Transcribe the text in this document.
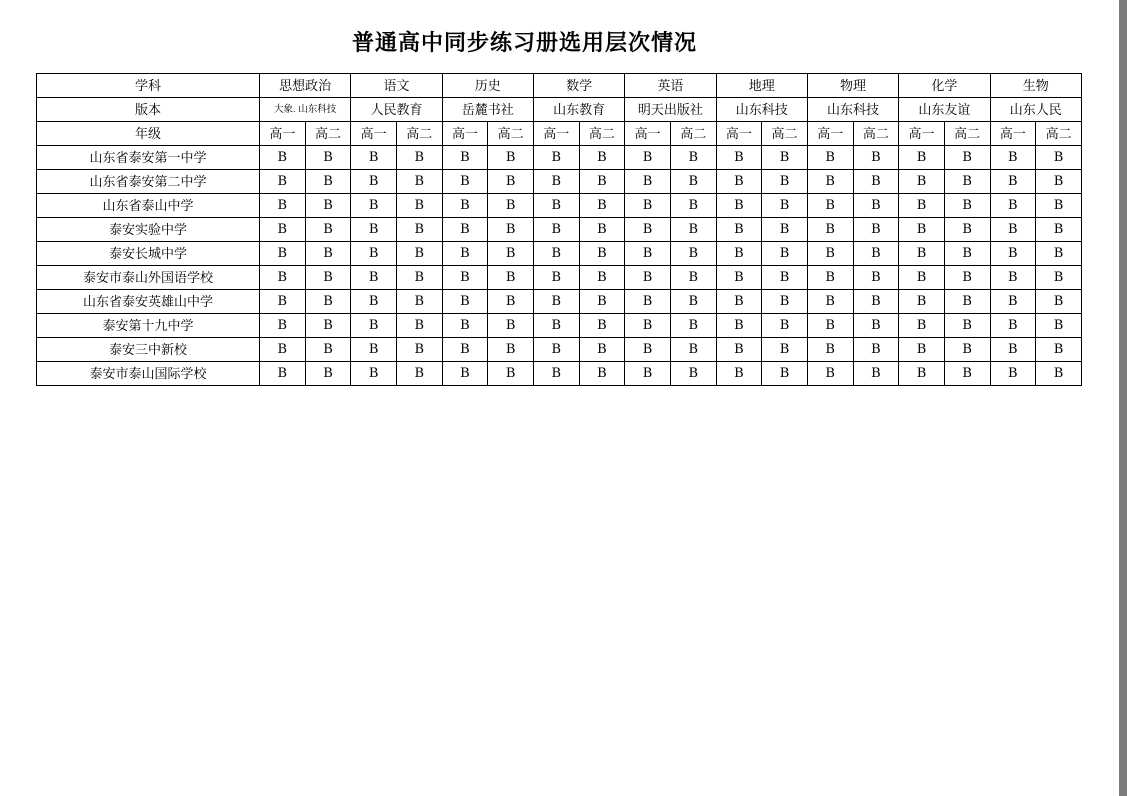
普通高中同步练习册选用层次情况
学科	思想政治		语文		历史		数学		英语		地理		物理		化学		生物	
版本	大象. 山东科技		人民教育		岳麓书社		山东教育		明天出版社		山东科技		山东科技		山东友谊		山东人民	
年级	高一	高二	高一	高二	高一	高二	高一	高二	高一	高二	高一	高二	高一	高二	高一	高二	高一	高二
山东省泰安第一中学	B	B	B	B	B	B	B	B	B	B	B	B	B	B	B	B	B	B
山东省泰安第二中学	B	B	B	B	B	B	B	B	B	B	B	B	B	B	B	B	B	B
山东省泰山中学	B	B	B	B	B	B	B	B	B	B	B	B	B	B	B	B	B	B
泰安实验中学	B	B	B	B	B	B	B	B	B	B	B	B	B	B	B	B	B	B
泰安长城中学	B	B	B	B	B	B	B	B	B	B	B	B	B	B	B	B	B	B
泰安市泰山外国语学校	B	B	B	B	B	B	B	B	B	B	B	B	B	B	B	B	B	B
山东省泰安英雄山中学	B	B	B	B	B	B	B	B	B	B	B	B	B	B	B	B	B	B
泰安第十九中学	B	B	B	B	B	B	B	B	B	B	B	B	B	B	B	B	B	B
泰安三中新校	B	B	B	B	B	B	B	B	B	B	B	B	B	B	B	B	B	B
泰安市泰山国际学校	B	B	B	B	B	B	B	B	B	B	B	B	B	B	B	B	B	B
